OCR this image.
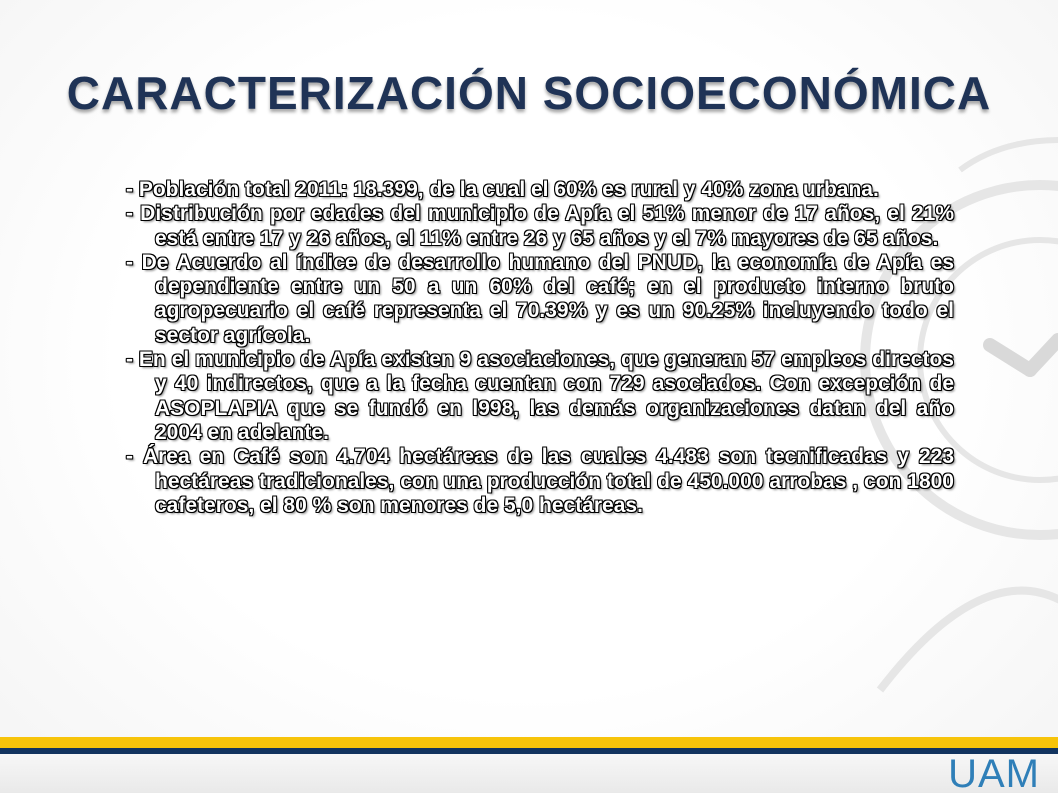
CARACTERIZACIÓN SOCIOECONÓMICA
- Población total 2011: 18.399, de la cual el 60% es rural y 40% zona urbana.
- Distribución por edades del municipio de Apía el 51% menor de 17 años, el 21% está entre 17 y 26 años, el 11% entre 26 y 65 años y el 7% mayores de 65 años.
- De Acuerdo al índice de desarrollo humano del PNUD, la economía de Apía es dependiente entre un 50 a un 60% del café; en el producto interno bruto agropecuario el café representa el 70.39% y es un 90.25% incluyendo todo el sector agrícola.
- En el municipio de Apía existen 9 asociaciones, que generan 57 empleos directos y 40 indirectos, que a la fecha cuentan con 729 asociados. Con excepción de ASOPLAPIA que se fundó en l998, las demás organizaciones datan del año 2004 en adelante.
- Área en Café son 4.704 hectáreas de las cuales 4.483 son tecnificadas y 223 hectáreas tradicionales, con una producción total de 450.000 arrobas , con 1800 cafeteros, el 80 % son menores de 5,0 hectáreas.
UAM
